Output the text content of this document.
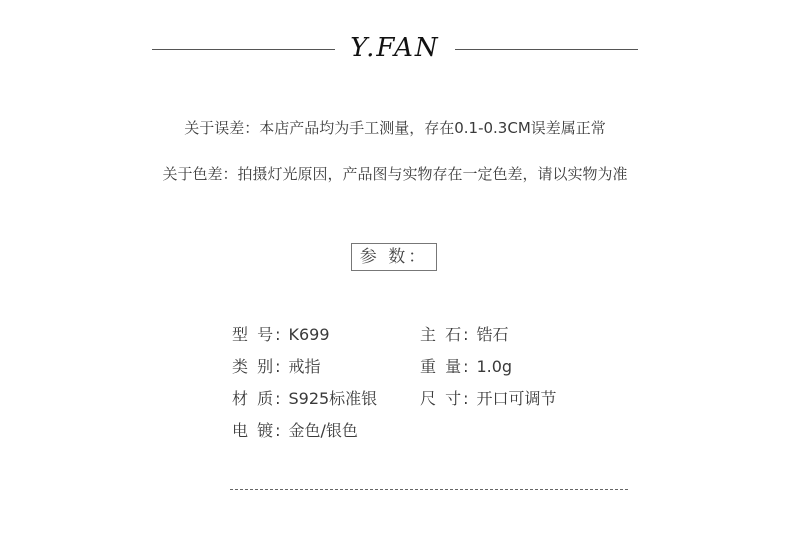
Y.FAN
关于误差：本店产品均为手工测量，存在0.1-0.3CM误差属正常
关于色差：拍摄灯光原因，产品图与实物存在一定色差，请以实物为准
参 数：
型 号: K699	主 石: 锆石
类 别: 戒指	重 量: 1.0g
材 质: S925标准银	尺 寸: 开口可调节
电 镀: 金色/银色
